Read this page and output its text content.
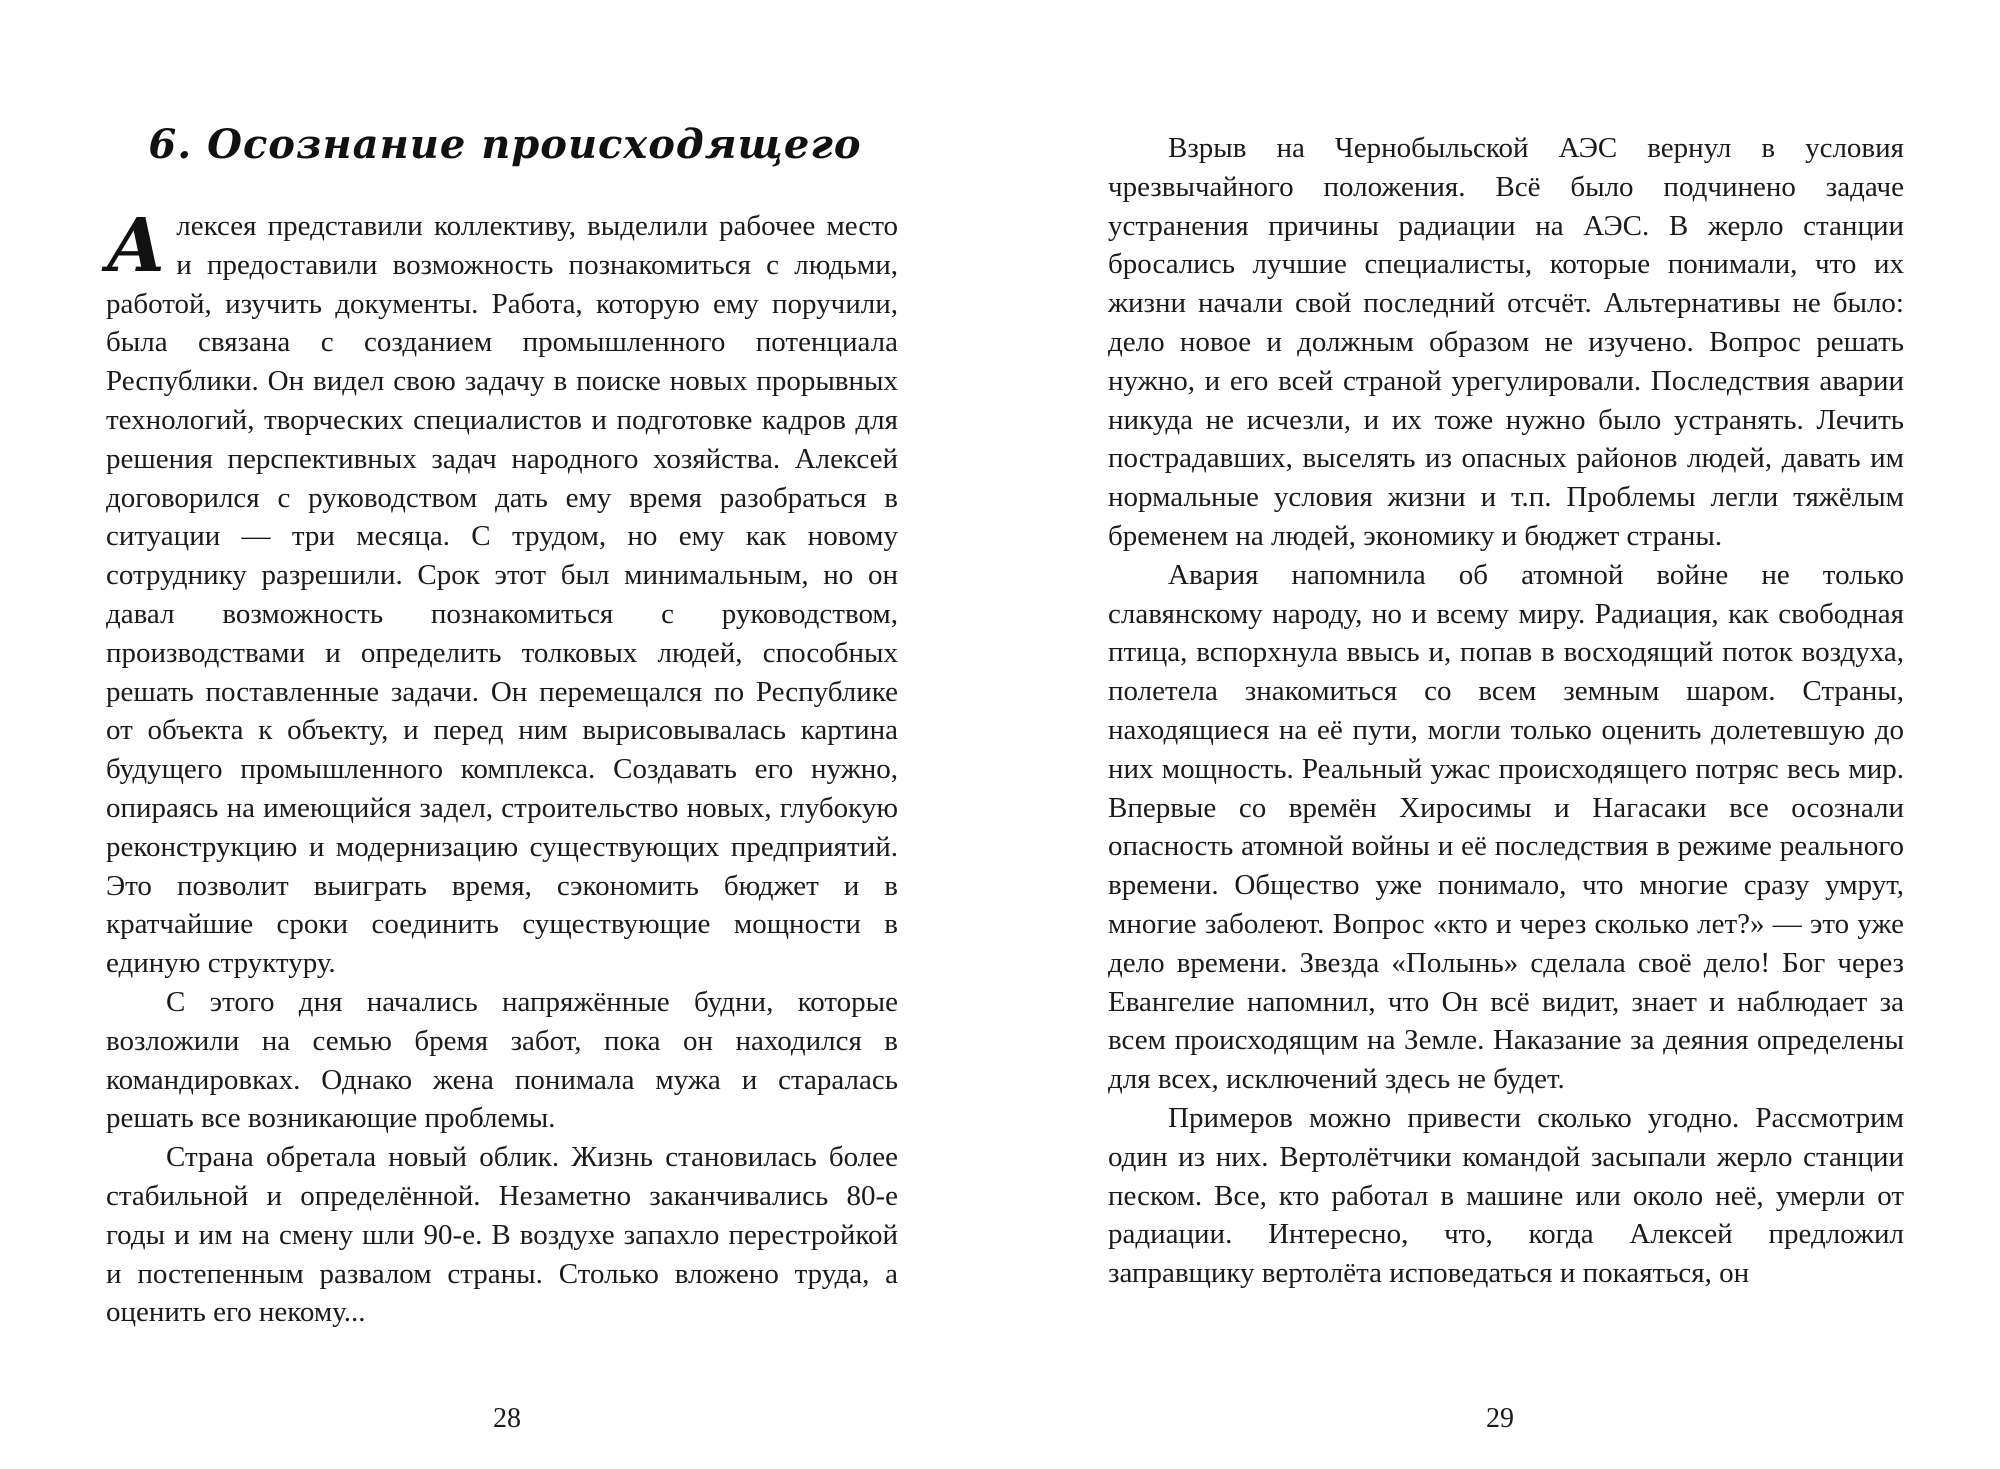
6. Осознание происходящего

Алексея представили коллективу, выделили рабочее место и предоставили возможность познакомиться с людьми, работой, изучить документы. Работа, которую ему поручили, была связана с созданием промышленного потенциала Республики. Он видел свою задачу в поиске новых прорывных технологий, творческих специалистов и подготовке кадров для решения перспективных задач народного хозяйства. Алексей договорился с руководством дать ему время разобраться в ситуации — три месяца. С трудом, но ему как новому сотруднику разрешили. Срок этот был минимальным, но он давал возможность познакомиться с руководством, производствами и определить толковых людей, способных решать поставленные задачи. Он перемещался по Республике от объекта к объекту, и перед ним вырисовывалась картина будущего промышленного комплекса. Создавать его нужно, опираясь на имеющийся задел, строительство новых, глубокую реконструкцию и модернизацию существующих предприятий. Это позволит выиграть время, сэкономить бюджет и в кратчайшие сроки соединить существующие мощности в единую структуру.

С этого дня начались напряжённые будни, которые возложили на семью бремя забот, пока он находился в командировках. Однако жена понимала мужа и старалась решать все возникающие проблемы.

Страна обретала новый облик. Жизнь становилась более стабильной и определённой. Незаметно заканчивались 80-е годы и им на смену шли 90-е. В воздухе запахло перестройкой и постепенным развалом страны. Столько вложено труда, а оценить его некому...

28

Взрыв на Чернобыльской АЭС вернул в условия чрезвычайного положения. Всё было подчинено задаче устранения причины радиации на АЭС. В жерло станции бросались лучшие специалисты, которые понимали, что их жизни начали свой последний отсчёт. Альтернативы не было: дело новое и должным образом не изучено. Вопрос решать нужно, и его всей страной урегулировали. Последствия аварии никуда не исчезли, и их тоже нужно было устранять. Лечить пострадавших, выселять из опасных районов людей, давать им нормальные условия жизни и т.п. Проблемы легли тяжёлым бременем на людей, экономику и бюджет страны.

Авария напомнила об атомной войне не только славянскому народу, но и всему миру. Радиация, как свободная птица, вспорхнула ввысь и, попав в восходящий поток воздуха, полетела знакомиться со всем земным шаром. Страны, находящиеся на её пути, могли только оценить долетевшую до них мощность. Реальный ужас происходящего потряс весь мир. Впервые со времён Хиросимы и Нагасаки все осознали опасность атомной войны и её последствия в режиме реального времени. Общество уже понимало, что многие сразу умрут, многие заболеют. Вопрос «кто и через сколько лет?» — это уже дело времени. Звезда «Полынь» сделала своё дело! Бог через Евангелие напомнил, что Он всё видит, знает и наблюдает за всем происходящим на Земле. Наказание за деяния определены для всех, исключений здесь не будет.

Примеров можно привести сколько угодно. Рассмотрим один из них. Вертолётчики командой засыпали жерло станции песком. Все, кто работал в машине или около неё, умерли от радиации. Интересно, что, когда Алексей предложил заправщику вертолёта исповедаться и покаяться, он

29
